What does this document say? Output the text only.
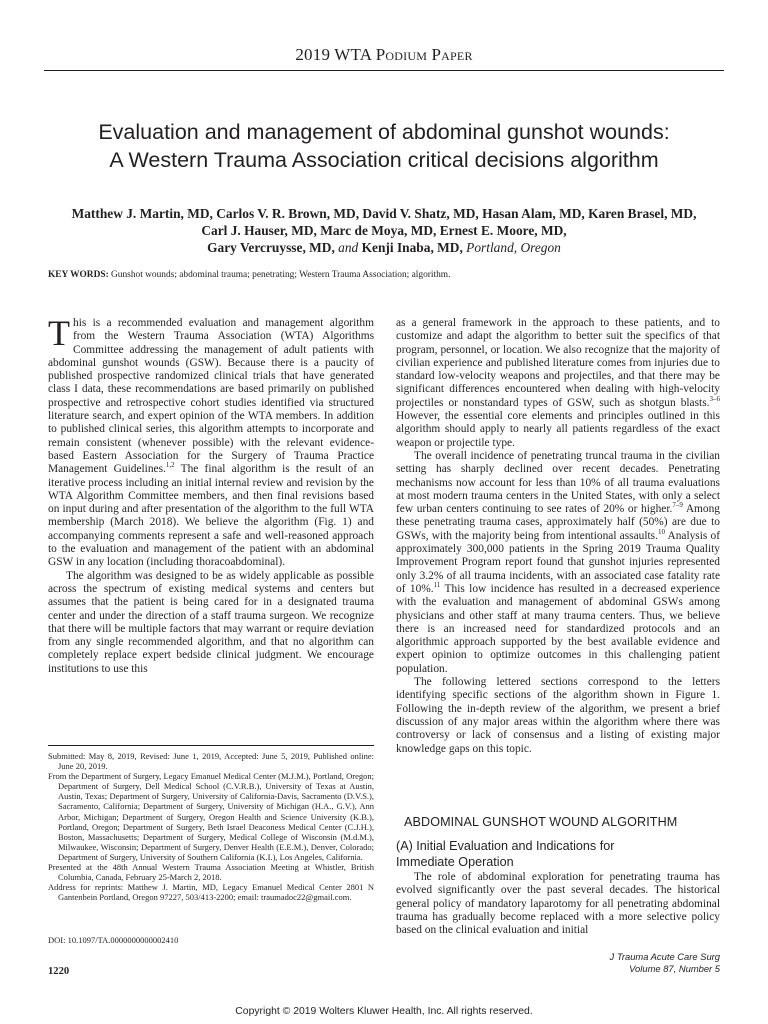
2019 WTA Podium Paper
Evaluation and management of abdominal gunshot wounds:
A Western Trauma Association critical decisions algorithm
Matthew J. Martin, MD, Carlos V. R. Brown, MD, David V. Shatz, MD, Hasan Alam, MD, Karen Brasel, MD,
Carl J. Hauser, MD, Marc de Moya, MD, Ernest E. Moore, MD,
Gary Vercruysse, MD, and Kenji Inaba, MD, Portland, Oregon
KEY WORDS: Gunshot wounds; abdominal trauma; penetrating; Western Trauma Association; algorithm.

This is a recommended evaluation and management algorithm from the Western Trauma Association (WTA) Algorithms Committee addressing the management of adult patients with abdominal gunshot wounds (GSW). Because there is a paucity of published prospective randomized clinical trials that have generated class I data, these recommendations are based primarily on published prospective and retrospective cohort studies identified via structured literature search, and expert opinion of the WTA members. In addition to published clinical series, this algorithm attempts to incorporate and remain consistent (whenever possible) with the relevant evidence-based Eastern Association for the Surgery of Trauma Practice Management Guidelines.$^{1,2}$ The final algorithm is the result of an iterative process including an initial internal review and revision by the WTA Algorithm Committee members, and then final revisions based on input during and after presentation of the algorithm to the full WTA membership (March 2018). We believe the algorithm (Fig. 1) and accompanying comments represent a safe and well-reasoned approach to the evaluation and management of the patient with an abdominal GSW in any location (including thoracoabdominal).

The algorithm was designed to be as widely applicable as possible across the spectrum of existing medical systems and centers but assumes that the patient is being cared for in a designated trauma center and under the direction of a staff trauma surgeon. We recognize that there will be multiple factors that may warrant or require deviation from any single recommended algorithm, and that no algorithm can completely replace expert bedside clinical judgment. We encourage institutions to use this

Submitted: May 8, 2019, Revised: June 1, 2019, Accepted: June 5, 2019, Published online: June 20, 2019.

From the Department of Surgery, Legacy Emanuel Medical Center (M.J.M.), Portland, Oregon; Department of Surgery, Dell Medical School (C.V.R.B.), University of Texas at Austin, Austin, Texas; Department of Surgery, University of California-Davis, Sacramento (D.V.S.), Sacramento, California; Department of Surgery, University of Michigan (H.A., G.V.), Ann Arbor, Michigan; Department of Surgery, Oregon Health and Science University (K.B.), Portland, Oregon; Department of Surgery, Beth Israel Deaconess Medical Center (C.J.H.), Boston, Massachusetts; Department of Surgery, Medical College of Wisconsin (M.d.M.), Milwaukee, Wisconsin; Department of Surgery, Denver Health (E.E.M.), Denver, Colorado; Department of Surgery, University of Southern California (K.I.), Los Angeles, California.

Presented at the 48th Annual Western Trauma Association Meeting at Whistler, British Columbia, Canada, February 25-March 2, 2018.

Address for reprints: Matthew J. Martin, MD, Legacy Emanuel Medical Center 2801 N Gantenbein Portland, Oregon 97227, 503/413-2200; email: traumadoc22@gmail.com.

DOI: 10.1097/TA.0000000000002410

as a general framework in the approach to these patients, and to customize and adapt the algorithm to better suit the specifics of that program, personnel, or location. We also recognize that the majority of civilian experience and published literature comes from injuries due to standard low-velocity weapons and projectiles, and that there may be significant differences encountered when dealing with high-velocity projectiles or nonstandard types of GSW, such as shotgun blasts.$^{3-6}$ However, the essential core elements and principles outlined in this algorithm should apply to nearly all patients regardless of the exact weapon or projectile type.

The overall incidence of penetrating truncal trauma in the civilian setting has sharply declined over recent decades. Penetrating mechanisms now account for less than 10% of all trauma evaluations at most modern trauma centers in the United States, with only a select few urban centers continuing to see rates of 20% or higher.$^{7-9}$ Among these penetrating trauma cases, approximately half (50%) are due to GSWs, with the majority being from intentional assaults.$^{10}$ Analysis of approximately 300,000 patients in the Spring 2019 Trauma Quality Improvement Program report found that gunshot injuries represented only 3.2% of all trauma incidents, with an associated case fatality rate of 10%.$^{11}$ This low incidence has resulted in a decreased experience with the evaluation and management of abdominal GSWs among physicians and other staff at many trauma centers. Thus, we believe there is an increased need for standardized protocols and an algorithmic approach supported by the best available evidence and expert opinion to optimize outcomes in this challenging patient population.

The following lettered sections correspond to the letters identifying specific sections of the algorithm shown in Figure 1. Following the in-depth review of the algorithm, we present a brief discussion of any major areas within the algorithm where there was controversy or lack of consensus and a listing of existing major knowledge gaps on this topic.

ABDOMINAL GUNSHOT WOUND ALGORITHM
(A) Initial Evaluation and Indications for
Immediate Operation

The role of abdominal exploration for penetrating trauma has evolved significantly over the past several decades. The historical general policy of mandatory laparotomy for all penetrating abdominal trauma has gradually become replaced with a more selective policy based on the clinical evaluation and initial

1220
J Trauma Acute Care Surg
Volume 87, Number 5
Copyright © 2019 Wolters Kluwer Health, Inc. All rights reserved.
